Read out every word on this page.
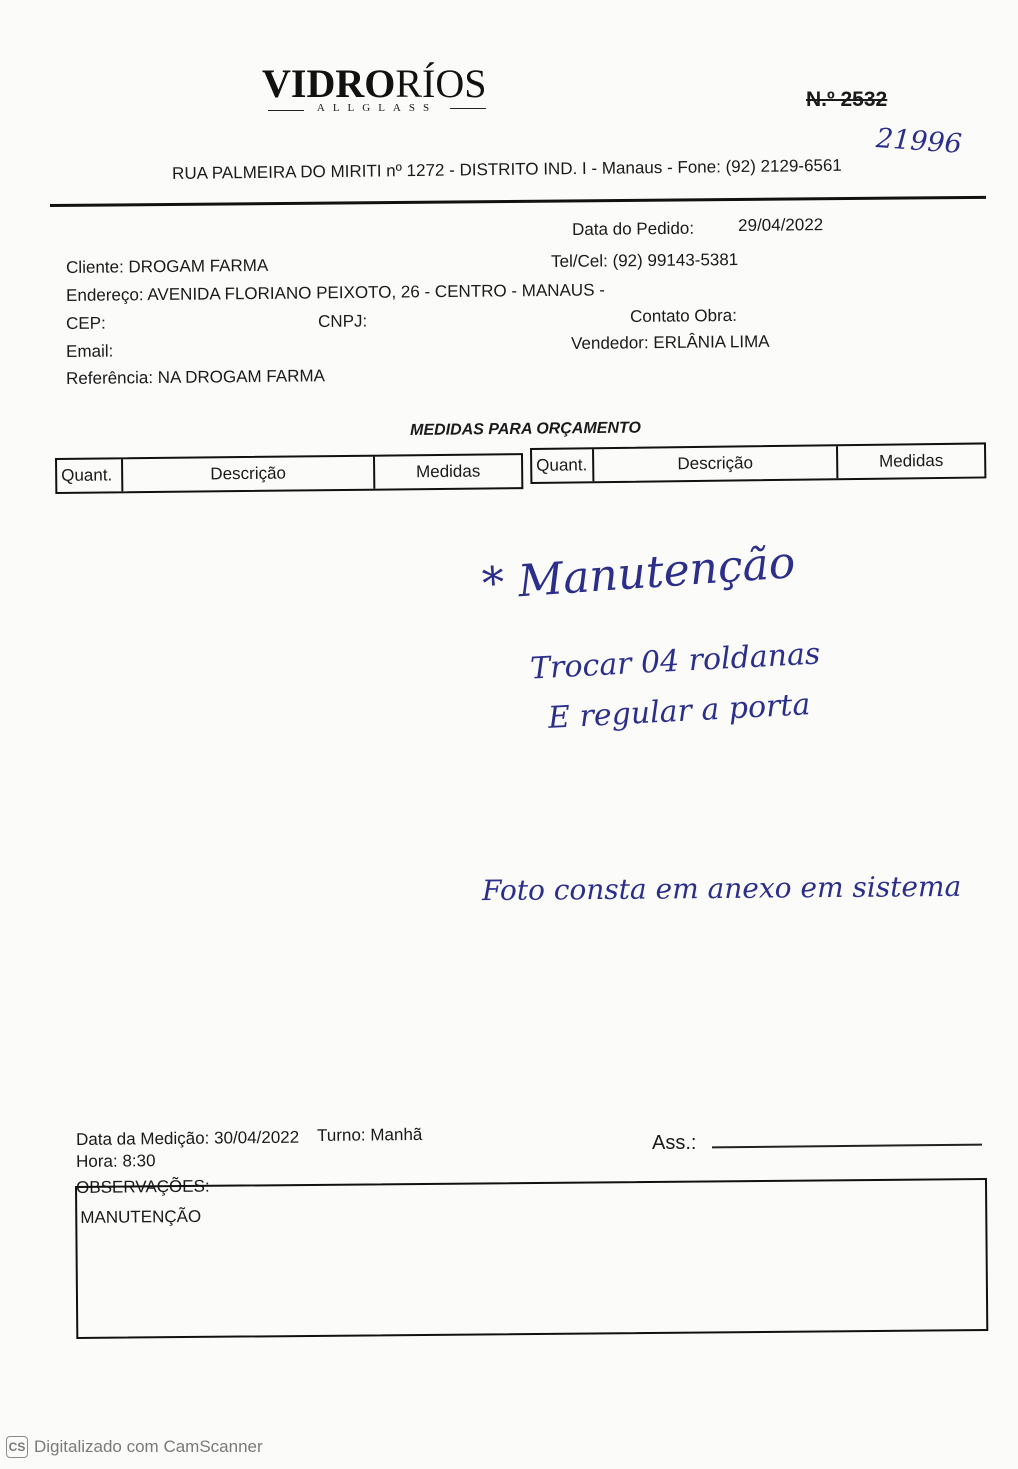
VIDRORÍOS
ALLGLASS	N.º 2532
21996
RUA PALMEIRA DO MIRITI nº 1272 - DISTRITO IND. I - Manaus - Fone: (92) 2129-6561
Data do Pedido:	29/04/2022
Cliente: DROGAM FARMA	Tel/Cel: (92) 99143-5381
Endereço: AVENIDA FLORIANO PEIXOTO, 26 - CENTRO - MANAUS -
CEP:	CNPJ:	Contato Obra:
Email:	Vendedor: ERLÂNIA LIMA
Referência: NA DROGAM FARMA
MEDIDAS PARA ORÇAMENTO
Quant.	Descrição	Medidas	Quant.	Descrição	Medidas
* Manutenção
Trocar 04 roldanas
E regular a porta
Foto consta em anexo em sistema
Data da Medição: 30/04/2022 Turno: Manhã
Hora: 8:30
Ass.:
OBSERVAÇÕES:
MANUTENÇÃO
CS Digitalizado com CamScanner
